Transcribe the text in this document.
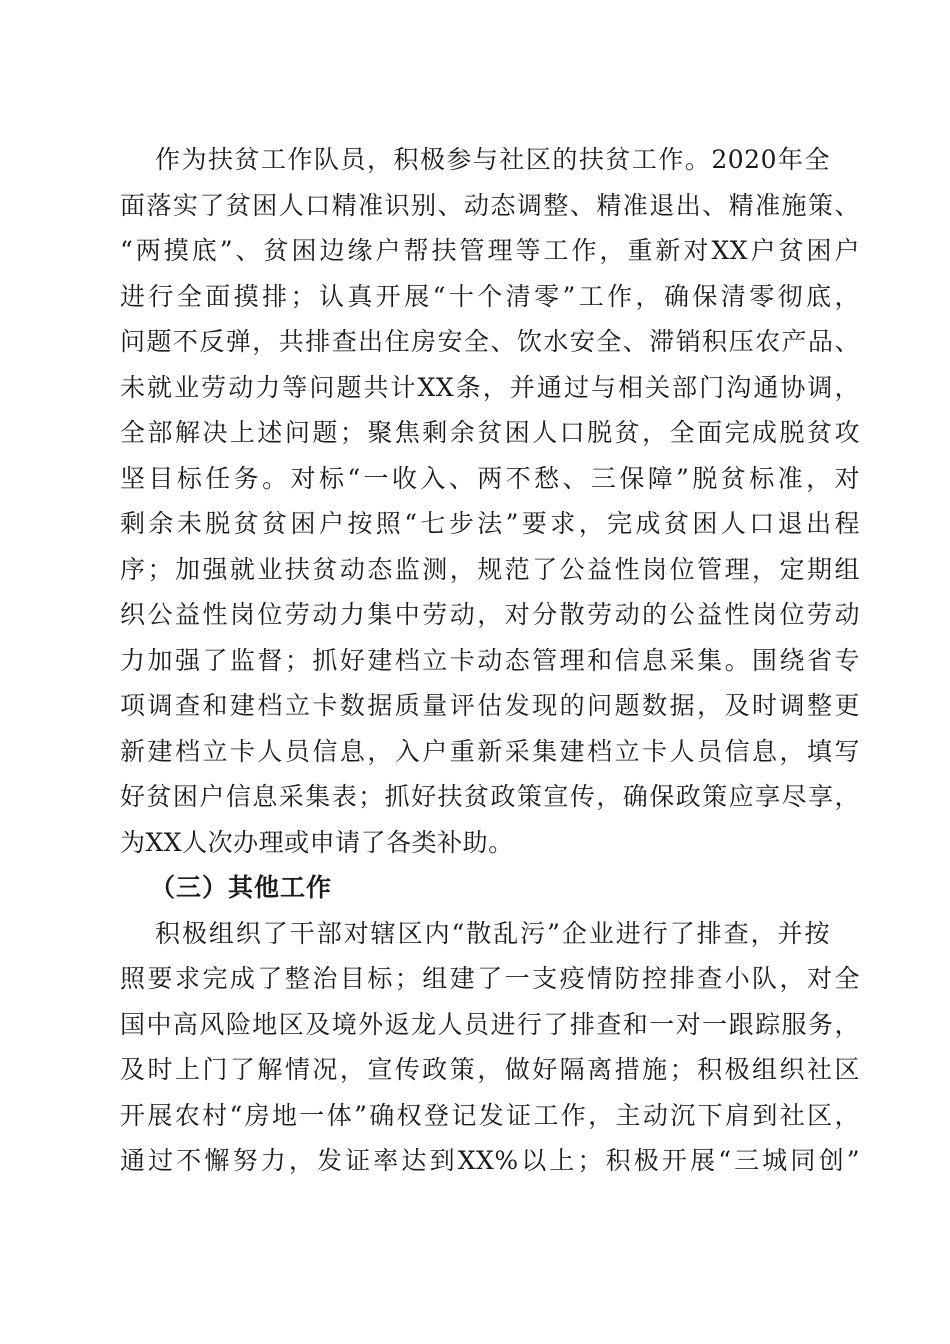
作为扶贫工作队员，积极参与社区的扶贫工作。2020年全
面落实了贫困人口精准识别、动态调整、精准退出、精准施策、
“两摸底”、贫困边缘户帮扶管理等工作，重新对XX户贫困户
进行全面摸排；认真开展“十个清零”工作，确保清零彻底，
问题不反弹，共排查出住房安全、饮水安全、滞销积压农产品、
未就业劳动力等问题共计XX条，并通过与相关部门沟通协调，
全部解决上述问题；聚焦剩余贫困人口脱贫，全面完成脱贫攻
坚目标任务。对标“一收入、两不愁、三保障”脱贫标准，对
剩余未脱贫贫困户按照“七步法”要求，完成贫困人口退出程
序；加强就业扶贫动态监测，规范了公益性岗位管理，定期组
织公益性岗位劳动力集中劳动，对分散劳动的公益性岗位劳动
力加强了监督；抓好建档立卡动态管理和信息采集。围绕省专
项调查和建档立卡数据质量评估发现的问题数据，及时调整更
新建档立卡人员信息，入户重新采集建档立卡人员信息，填写
好贫困户信息采集表；抓好扶贫政策宣传，确保政策应享尽享，
为XX人次办理或申请了各类补助。
（三）其他工作
积极组织了干部对辖区内“散乱污”企业进行了排查，并按
照要求完成了整治目标；组建了一支疫情防控排查小队，对全
国中高风险地区及境外返龙人员进行了排查和一对一跟踪服务，
及时上门了解情况，宣传政策，做好隔离措施；积极组织社区
开展农村“房地一体”确权登记发证工作，主动沉下肩到社区，
通过不懈努力，发证率达到XX%以上；积极开展“三城同创”
